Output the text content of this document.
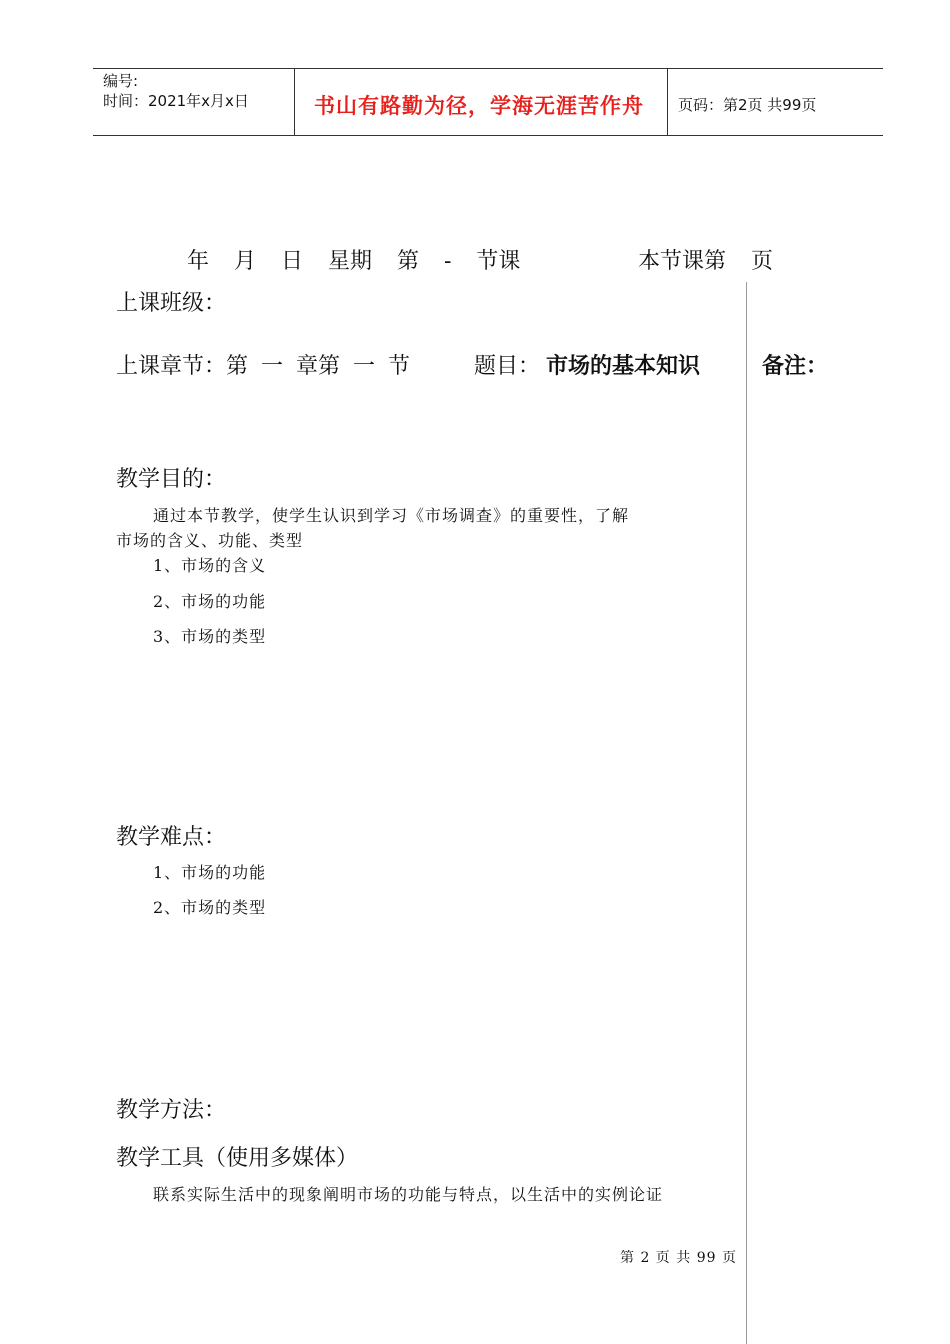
编号:
时间：2021年x月x日	书山有路勤为径，学海无涯苦作舟 页码：第2页 共99页
年 月 日 星期 第 - 节课	本节课第 页
上课班级：
上课章节：第 一 章第 一 节	题目： 市场的基本知识	备注：
教学目的：
通过本节教学，使学生认识到学习《市场调查》的重要性，了解
市场的含义、功能、类型
1、市场的含义
2、市场的功能
3、市场的类型
教学难点：
1、市场的功能
2、市场的类型
教学方法：
教学工具（使用多媒体）
联系实际生活中的现象阐明市场的功能与特点，以生活中的实例论证
第 2 页 共 99 页
